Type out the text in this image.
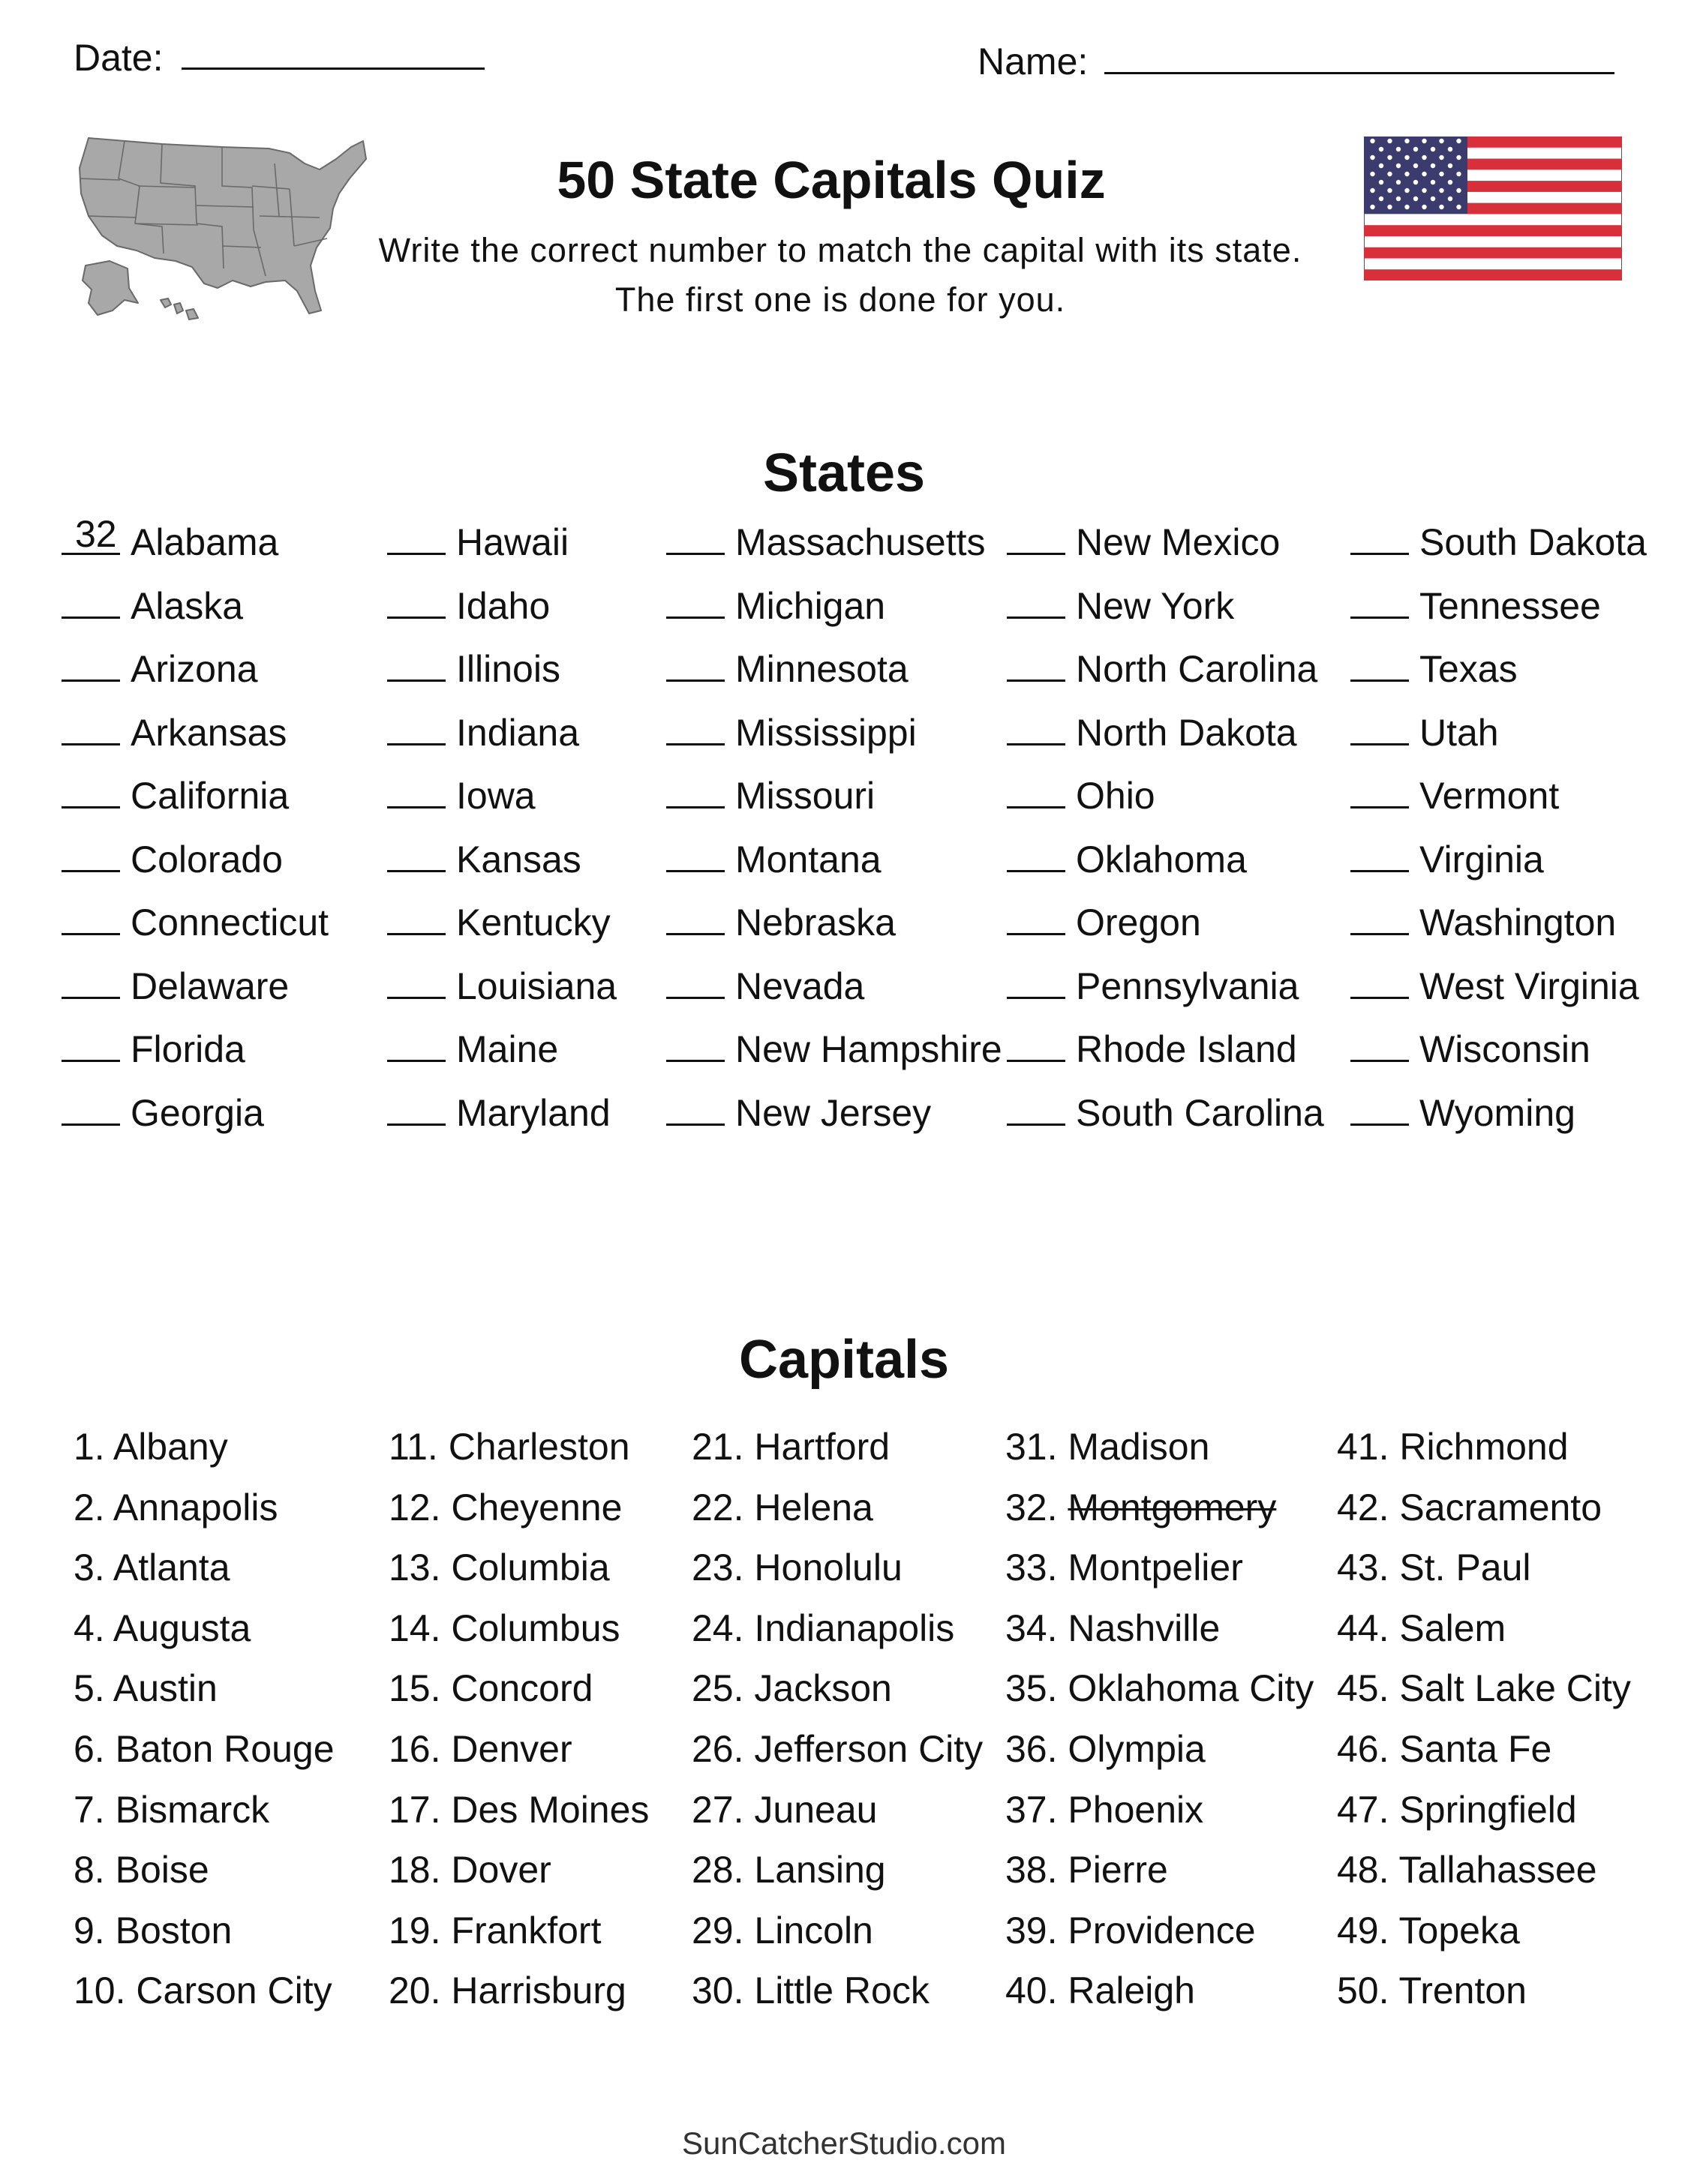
Date:	Name:
50 State Capitals Quiz
Write the correct number to match the capital with its state.
The first one is done for you.
States
32 Alabama
Alaska
Arizona
Arkansas
California
Colorado
Connecticut
Delaware
Florida
Georgia
Hawaii
Idaho
Illinois
Indiana
Iowa
Kansas
Kentucky
Louisiana
Maine
Maryland
Massachusetts
Michigan
Minnesota
Mississippi
Missouri
Montana
Nebraska
Nevada
New Hampshire
New Jersey
New Mexico
New York
North Carolina
North Dakota
Ohio
Oklahoma
Oregon
Pennsylvania
Rhode Island
South Carolina
South Dakota
Tennessee
Texas
Utah
Vermont
Virginia
Washington
West Virginia
Wisconsin
Wyoming
Capitals
1. Albany
2. Annapolis
3. Atlanta
4. Augusta
5. Austin
6. Baton Rouge
7. Bismarck
8. Boise
9. Boston
10. Carson City
11. Charleston
12. Cheyenne
13. Columbia
14. Columbus
15. Concord
16. Denver
17. Des Moines
18. Dover
19. Frankfort
20. Harrisburg
21. Hartford
22. Helena
23. Honolulu
24. Indianapolis
25. Jackson
26. Jefferson City
27. Juneau
28. Lansing
29. Lincoln
30. Little Rock
31. Madison
32. Montgomery
33. Montpelier
34. Nashville
35. Oklahoma City
36. Olympia
37. Phoenix
38. Pierre
39. Providence
40. Raleigh
41. Richmond
42. Sacramento
43. St. Paul
44. Salem
45. Salt Lake City
46. Santa Fe
47. Springfield
48. Tallahassee
49. Topeka
50. Trenton
SunCatcherStudio.com
